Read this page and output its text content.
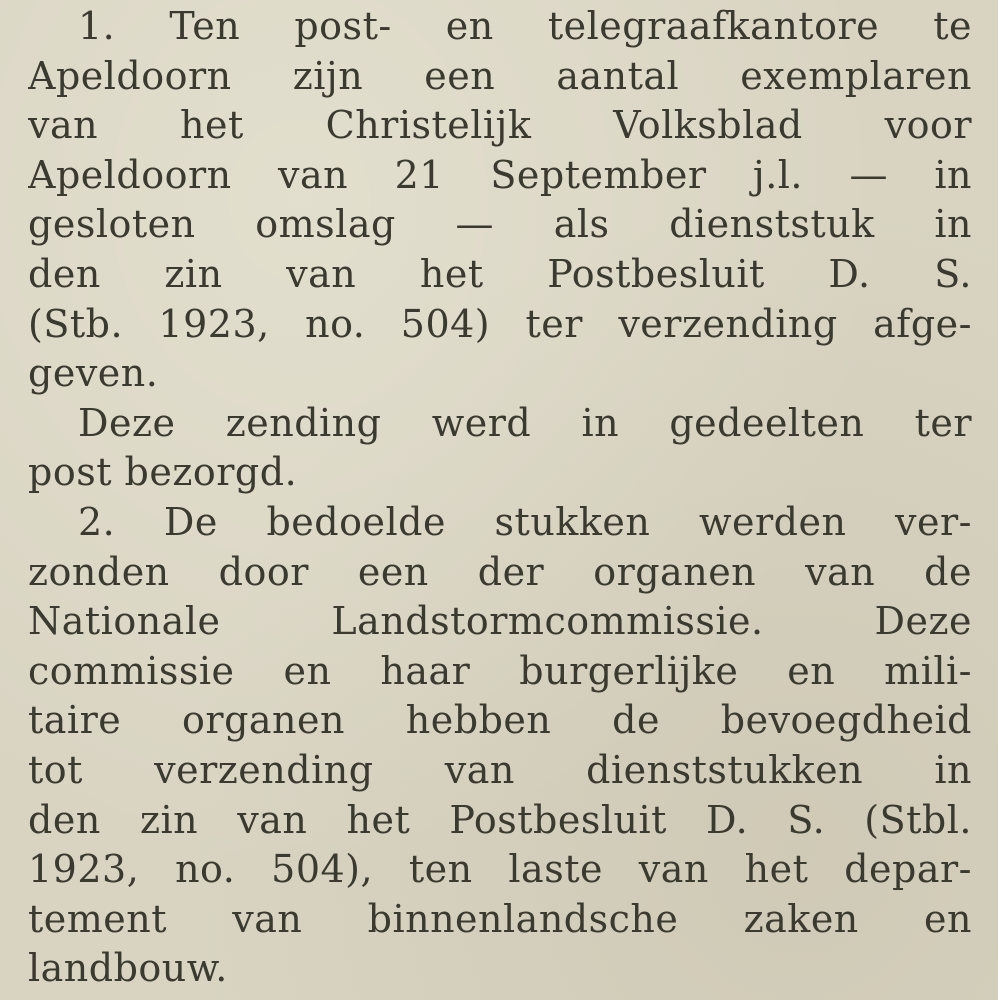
1. Ten post- en telegraafkantore te
Apeldoorn zijn een aantal exemplaren
van het Christelijk Volksblad voor
Apeldoorn van 21 September j.l. — in
gesloten omslag — als dienststuk in
den zin van het Postbesluit D. S.
(Stb. 1923, no. 504) ter verzending afge-
geven.
Deze zending werd in gedeelten ter
post bezorgd.
2. De bedoelde stukken werden ver-
zonden door een der organen van de
Nationale Landstormcommissie. Deze
commissie en haar burgerlijke en mili-
taire organen hebben de bevoegdheid
tot verzending van dienststukken in
den zin van het Postbesluit D. S. (Stbl.
1923, no. 504), ten laste van het depar-
tement van binnenlandsche zaken en
landbouw.
